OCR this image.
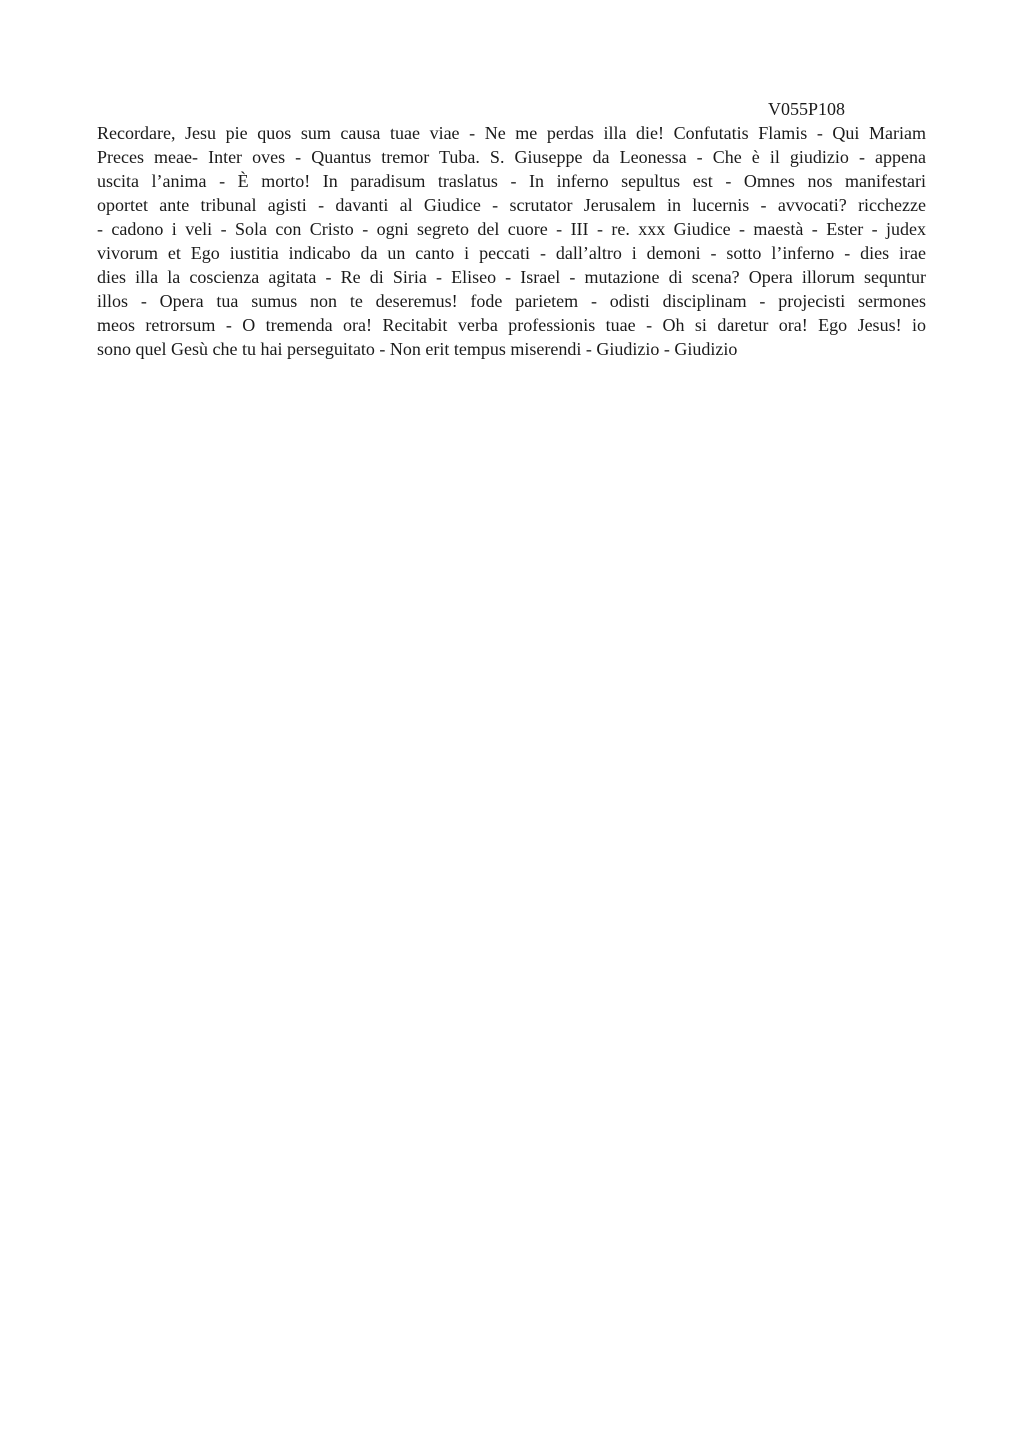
V055P108
Recordare, Jesu pie quos sum causa tuae viae - Ne me perdas illa die! Confutatis Flamis - Qui Mariam
Preces meae- Inter oves - Quantus tremor Tuba. S. Giuseppe da Leonessa - Che è il giudizio - appena
uscita l’anima - È morto! In paradisum traslatus - In inferno sepultus est - Omnes nos manifestari
oportet ante tribunal agisti - davanti al Giudice - scrutator Jerusalem in lucernis - avvocati? ricchezze
- cadono i veli - Sola con Cristo - ogni segreto del cuore - III - re. xxx Giudice - maestà - Ester - judex
vivorum et Ego iustitia indicabo da un canto i peccati - dall’altro i demoni - sotto l’inferno - dies irae
dies illa la coscienza agitata - Re di Siria - Eliseo - Israel - mutazione di scena? Opera illorum sequntur
illos - Opera tua sumus non te deseremus! fode parietem - odisti disciplinam - projecisti sermones
meos retrorsum - O tremenda ora! Recitabit verba professionis tuae - Oh si daretur ora! Ego Jesus! io
sono quel Gesù che tu hai perseguitato - Non erit tempus miserendi - Giudizio - Giudizio
